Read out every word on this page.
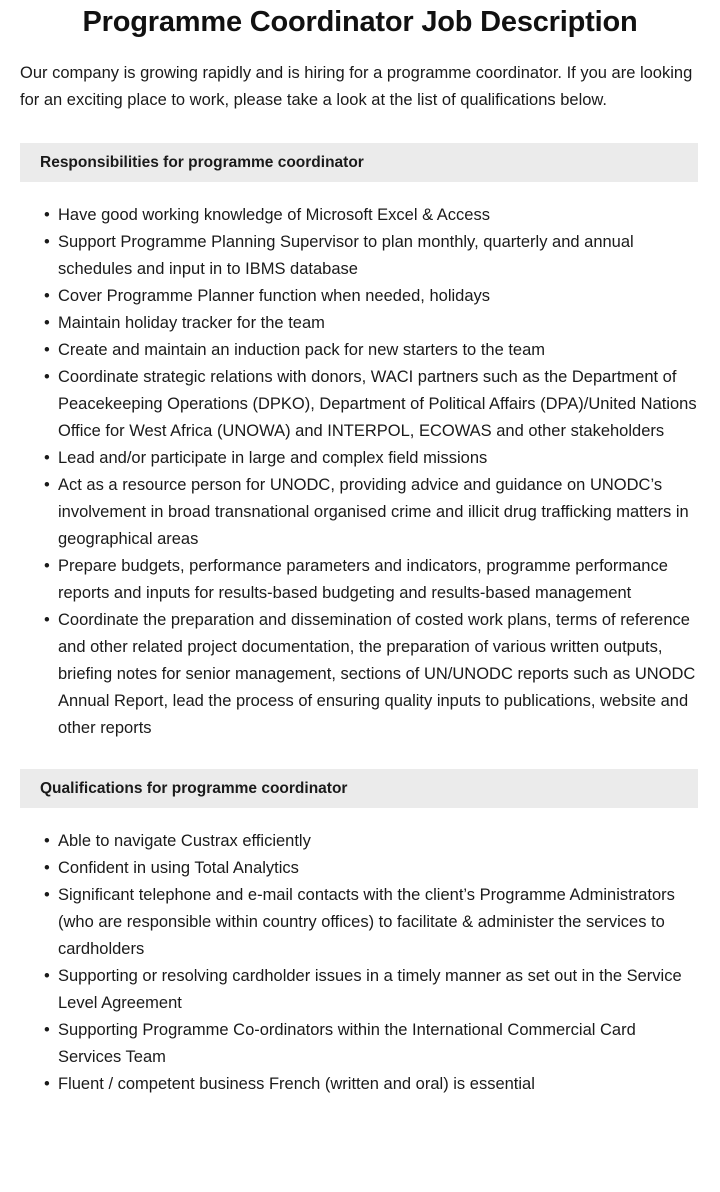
Programme Coordinator Job Description

Our company is growing rapidly and is hiring for a programme coordinator. If you are looking for an exciting place to work, please take a look at the list of qualifications below.

Responsibilities for programme coordinator
• Have good working knowledge of Microsoft Excel & Access
• Support Programme Planning Supervisor to plan monthly, quarterly and annual schedules and input in to IBMS database
• Cover Programme Planner function when needed, holidays
• Maintain holiday tracker for the team
• Create and maintain an induction pack for new starters to the team
• Coordinate strategic relations with donors, WACI partners such as the Department of Peacekeeping Operations (DPKO), Department of Political Affairs (DPA)/United Nations Office for West Africa (UNOWA) and INTERPOL, ECOWAS and other stakeholders
• Lead and/or participate in large and complex field missions
• Act as a resource person for UNODC, providing advice and guidance on UNODC’s involvement in broad transnational organised crime and illicit drug trafficking matters in geographical areas
• Prepare budgets, performance parameters and indicators, programme performance reports and inputs for results-based budgeting and results-based management
• Coordinate the preparation and dissemination of costed work plans, terms of reference and other related project documentation, the preparation of various written outputs, briefing notes for senior management, sections of UN/UNODC reports such as UNODC Annual Report, lead the process of ensuring quality inputs to publications, website and other reports
Qualifications for programme coordinator
• Able to navigate Custrax efficiently
• Confident in using Total Analytics
• Significant telephone and e-mail contacts with the client’s Programme Administrators (who are responsible within country offices) to facilitate & administer the services to cardholders
• Supporting or resolving cardholder issues in a timely manner as set out in the Service Level Agreement
• Supporting Programme Co-ordinators within the International Commercial Card Services Team
• Fluent / competent business French (written and oral) is essential
